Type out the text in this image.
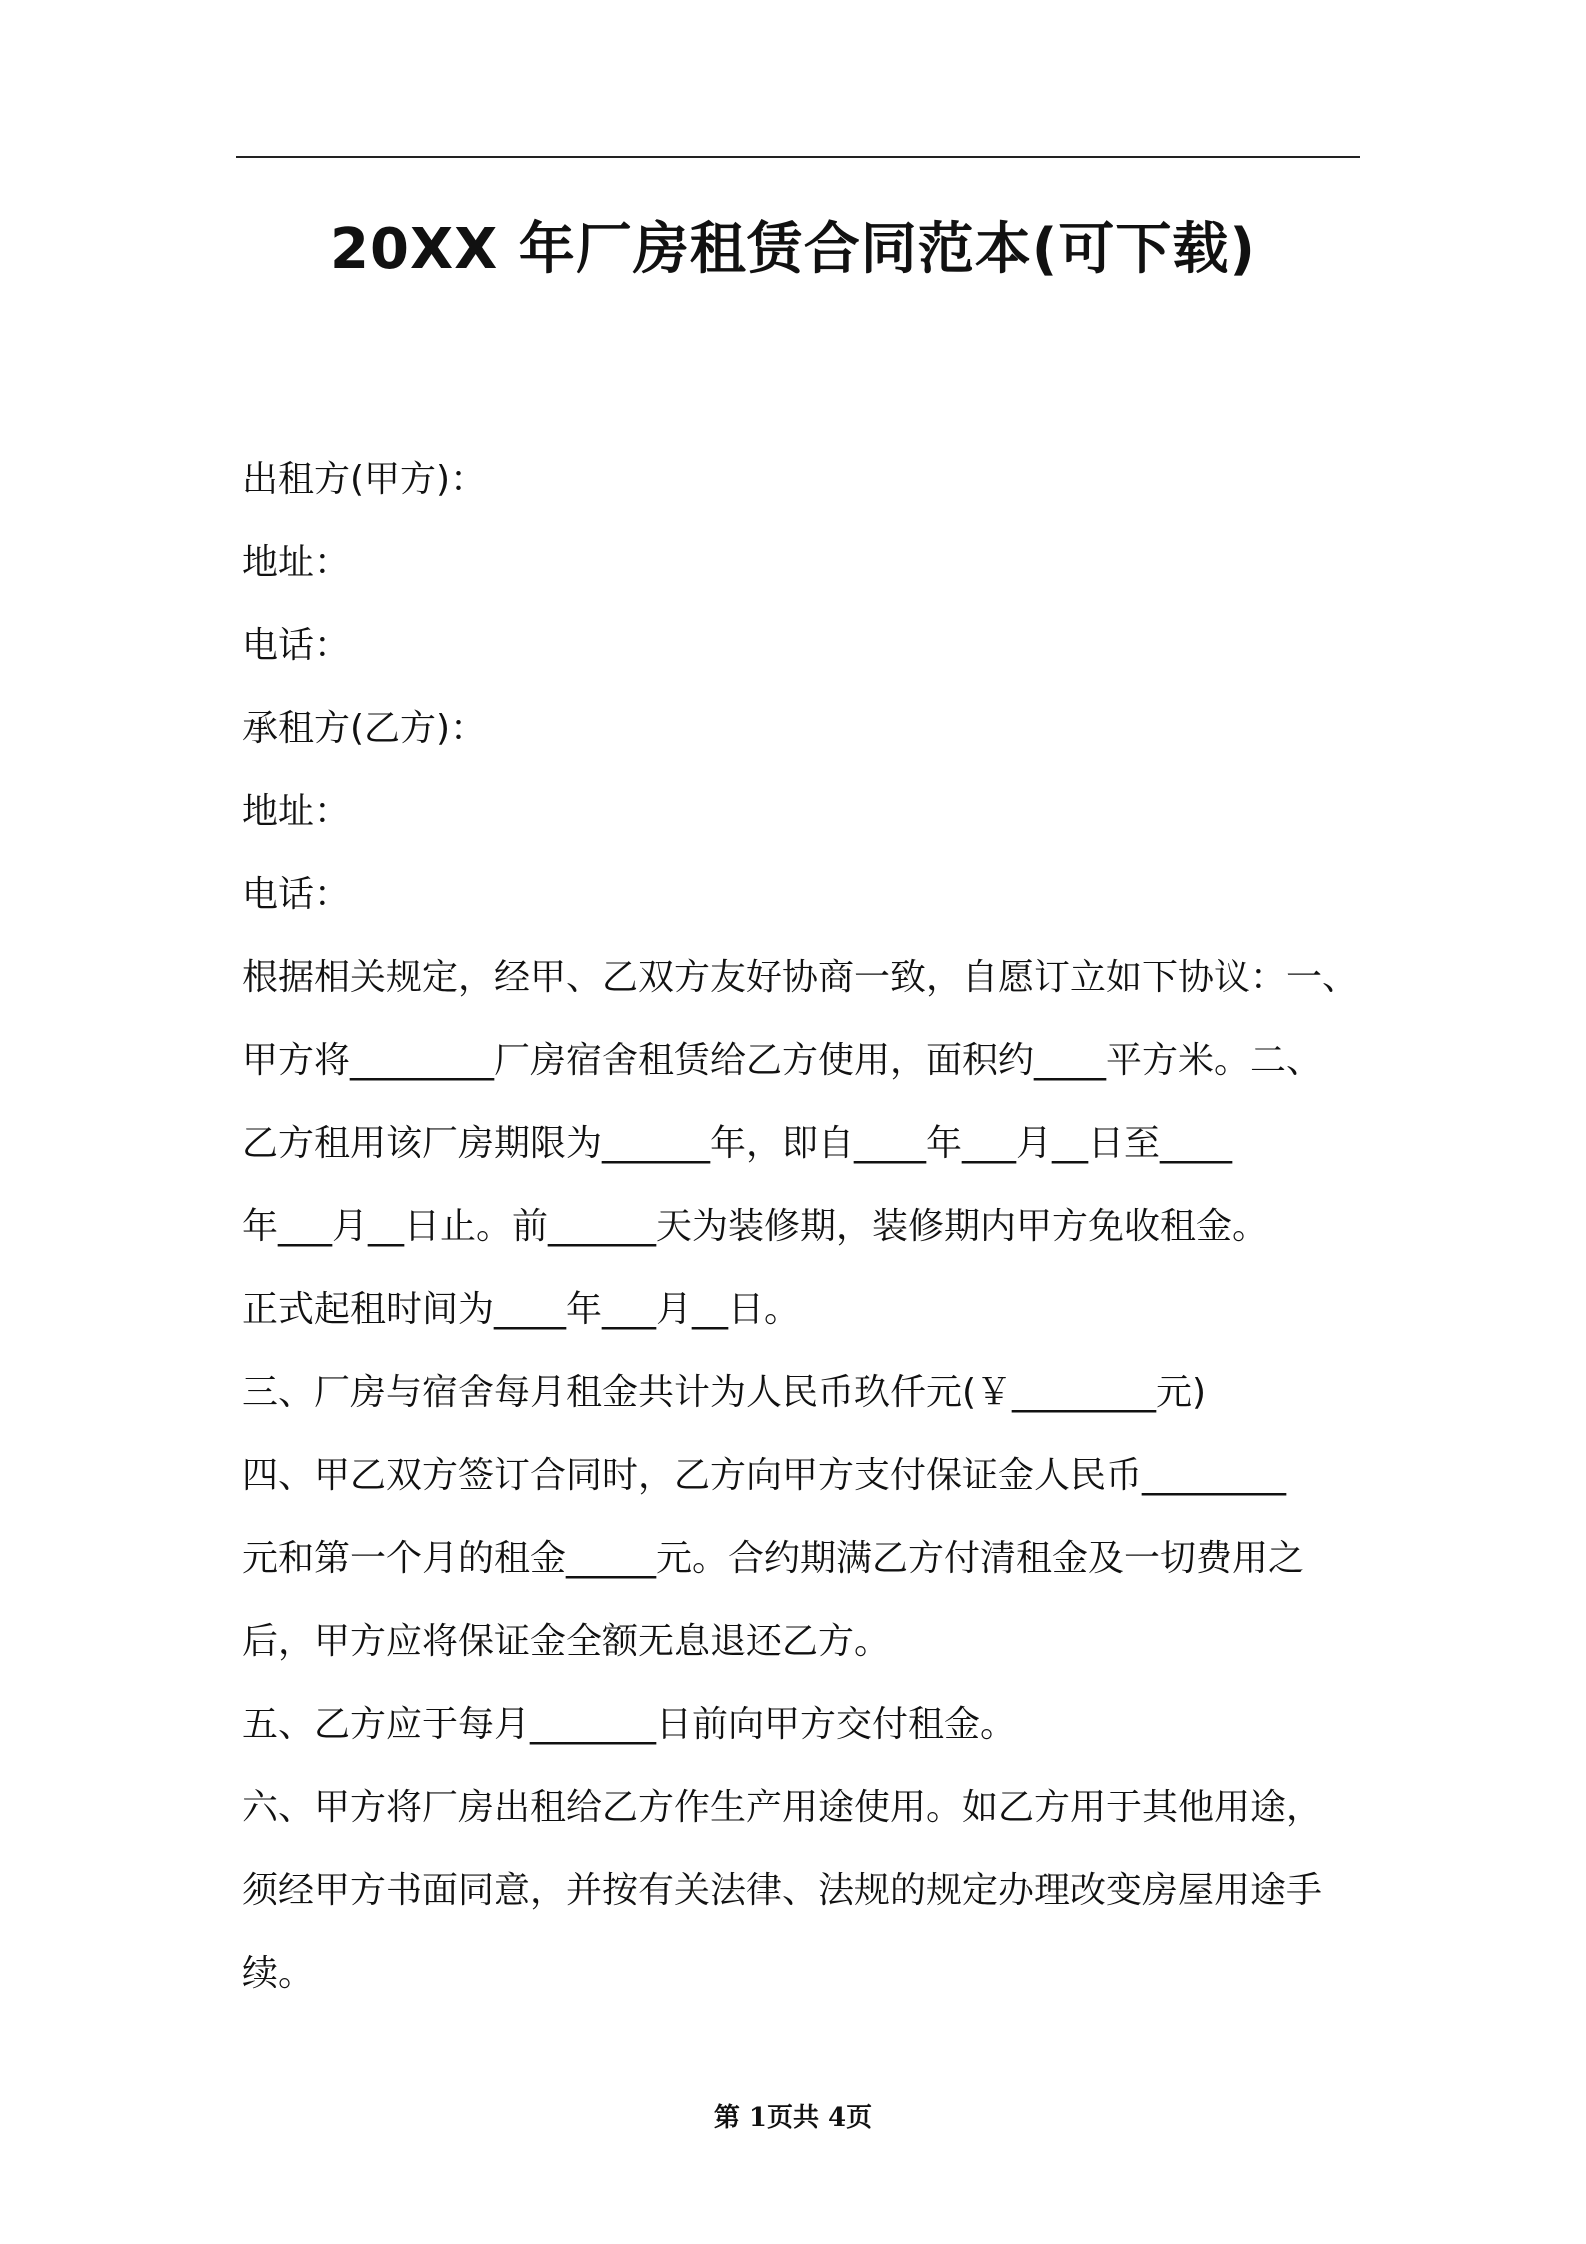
20XX 年厂房租赁合同范本(可下载)
出租方(甲方)：
地址：
电话：
承租方(乙方)：
地址：
电话：
根据相关规定，经甲、乙双方友好协商一致，自愿订立如下协议：一、
甲方将________厂房宿舍租赁给乙方使用，面积约____平方米。二、
乙方租用该厂房期限为______年，即自____年___月__日至____
年___月__日止。前______天为装修期，装修期内甲方免收租金。
正式起租时间为____年___月__日。
三、厂房与宿舍每月租金共计为人民币玖仟元(￥________元)
四、甲乙双方签订合同时，乙方向甲方支付保证金人民币________
元和第一个月的租金_____元。合约期满乙方付清租金及一切费用之
后，甲方应将保证金全额无息退还乙方。
五、乙方应于每月_______日前向甲方交付租金。
六、甲方将厂房出租给乙方作生产用途使用。如乙方用于其他用途，
须经甲方书面同意，并按有关法律、法规的规定办理改变房屋用途手
续。
第 1页共 4页
